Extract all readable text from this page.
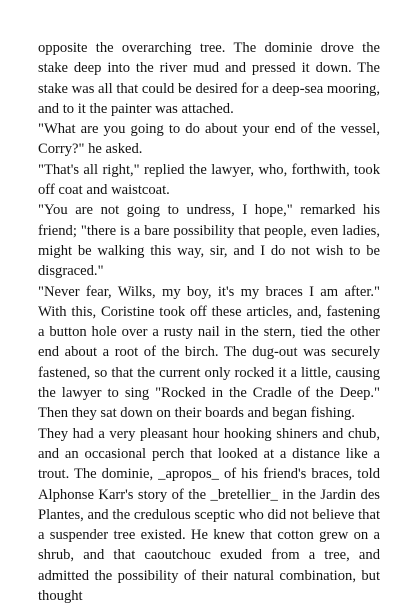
opposite the overarching tree. The dominie drove the stake deep into the river mud and pressed it down. The stake was all that could be desired for a deep-sea mooring, and to it the painter was attached.

"What are you going to do about your end of the vessel, Corry?" he asked.

"That's all right," replied the lawyer, who, forthwith, took off coat and waistcoat.

"You are not going to undress, I hope," remarked his friend; "there is a bare possibility that people, even ladies, might be walking this way, sir, and I do not wish to be disgraced."

"Never fear, Wilks, my boy, it's my braces I am after." With this, Coristine took off these articles, and, fastening a button hole over a rusty nail in the stern, tied the other end about a root of the birch. The dug-out was securely fastened, so that the current only rocked it a little, causing the lawyer to sing "Rocked in the Cradle of the Deep." Then they sat down on their boards and began fishing.

They had a very pleasant hour hooking shiners and chub, and an occasional perch that looked at a distance like a trout. The dominie, _apropos_ of his friend's braces, told Alphonse Karr's story of the _bretellier_ in the Jardin des Plantes, and the credulous sceptic who did not believe that a suspender tree existed. He knew that cotton grew on a shrub, and that caoutchouc exuded from a tree, and admitted the possibility of their natural combination, but thought
